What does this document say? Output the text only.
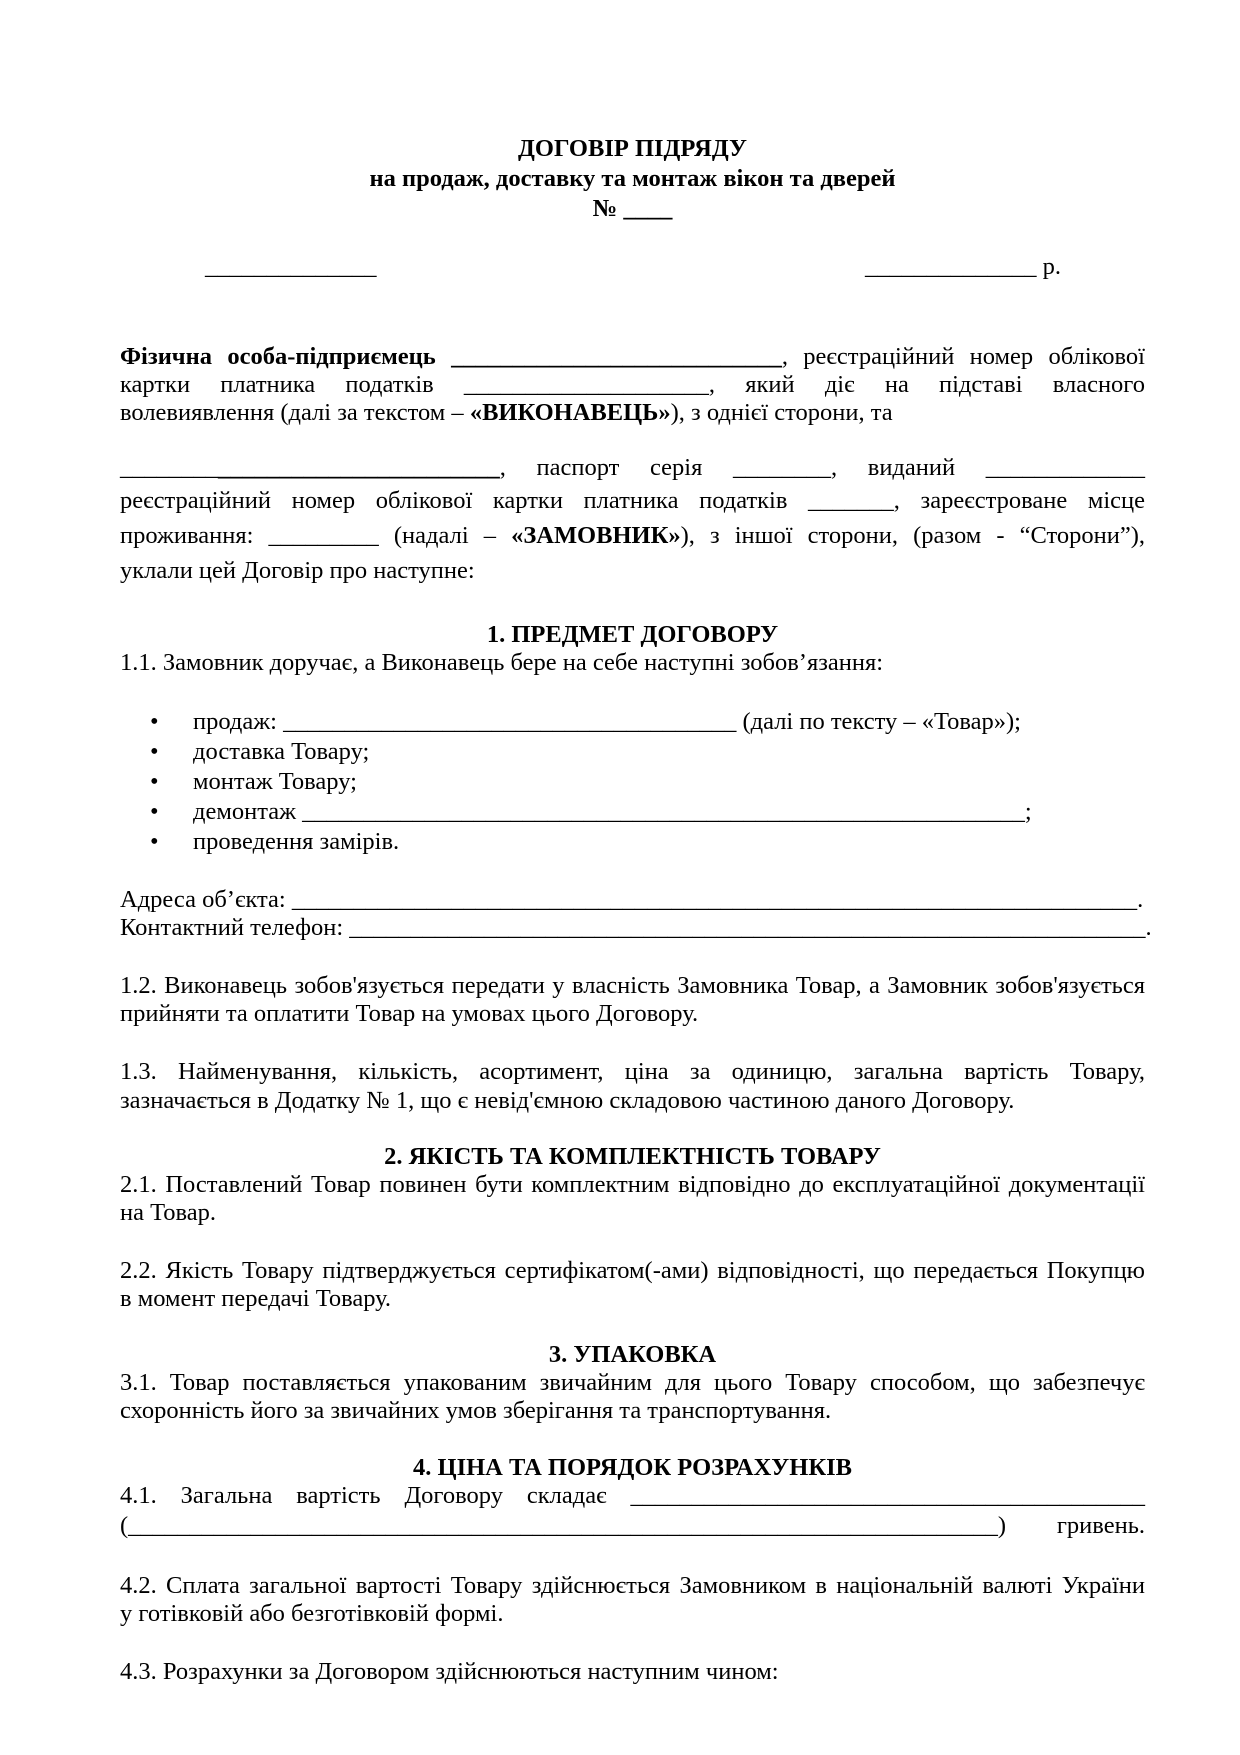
ДОГОВІР ПІДРЯДУ
на продаж, доставку та монтаж вікон та дверей
№ ____
______________	______________ р.
Фізична особа-підприємець ___________________________, реєстраційний номер облікової
картки платника податків ____________________, який діє на підставі власного
волевиявлення (далі за текстом – «ВИКОНАВЕЦЬ»), з однієї сторони, та
_______________________________, паспорт серія ________, виданий _____________
реєстраційний номер облікової картки платника податків _______, зареєстроване місце
проживання: _________ (надалі – «ЗАМОВНИК»), з іншої сторони, (разом - “Сторони”),
уклали цей Договір про наступне:
1. ПРЕДМЕТ ДОГОВОРУ
1.1. Замовник доручає, а Виконавець бере на себе наступні зобов’язання:
• продаж: _____________________________________ (далі по тексту – «Товар»);
• доставка Товару;
• монтаж Товару;
• демонтаж ___________________________________________________________;
• проведення замірів.
Адреса об’єкта: _____________________________________________________________________.
Контактний телефон: _________________________________________________________________.
1.2. Виконавець зобов'язується передати у власність Замовника Товар, а Замовник зобов'язується
прийняти та оплатити Товар на умовах цього Договору.
1.3. Найменування, кількість, асортимент, ціна за одиницю, загальна вартість Товару,
зазначається в Додатку № 1, що є невід'ємною складовою частиною даного Договору.
2. ЯКІСТЬ ТА КОМПЛЕКТНІСТЬ ТОВАРУ
2.1. Поставлений Товар повинен бути комплектним відповідно до експлуатаційної документації
на Товар.
2.2. Якість Товару підтверджується сертифікатом(-ами) відповідності, що передається Покупцю
в момент передачі Товару.
3. УПАКОВКА
3.1. Товар поставляється упакованим звичайним для цього Товару способом, що забезпечує
схоронність його за звичайних умов зберігання та транспортування.
4. ЦІНА ТА ПОРЯДОК РОЗРАХУНКІВ
4.1. Загальна вартість Договору складає __________________________________________
(_______________________________________________________________________) гривень.
4.2. Сплата загальної вартості Товару здійснюється Замовником в національній валюті України
у готівковій або безготівковій формі.
4.3. Розрахунки за Договором здійснюються наступним чином:
